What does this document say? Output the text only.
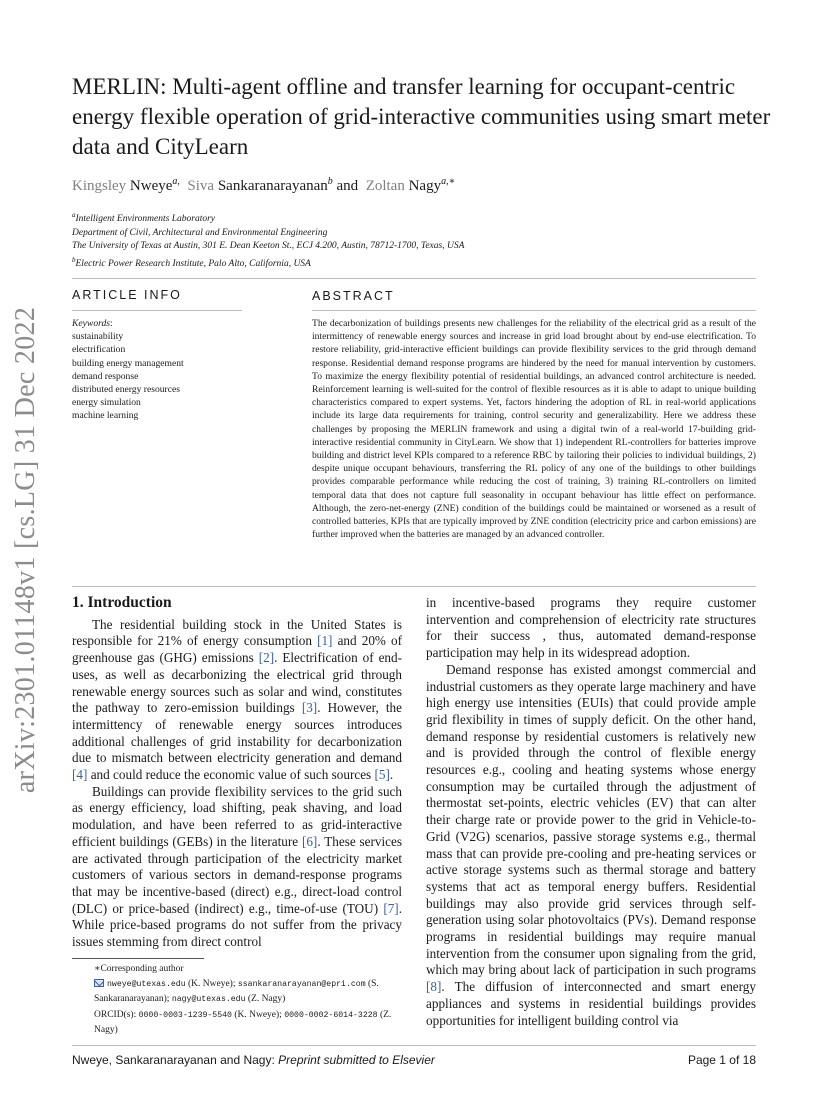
arXiv:2301.01148v1 [cs.LG] 31 Dec 2022
MERLIN: Multi-agent offline and transfer learning for occupant-centric energy flexible operation of grid-interactive communities using smart meter data and CityLearn
Kingsley Nweye$^{a,}$ Siva Sankaranarayanan$^b$ and Zoltan Nagy$^{a,∗}$
$^a$Intelligent Environments Laboratory
Department of Civil, Architectural and Environmental Engineering
The University of Texas at Austin, 301 E. Dean Keeton St., ECJ 4.200, Austin, 78712-1700, Texas, USA
$^b$Electric Power Research Institute, Palo Alto, California, USA
ARTICLE INFO	ABSTRACT
Keywords:
sustainability
electrification
building energy management
demand response
distributed energy resources
energy simulation
machine learning
The decarbonization of buildings presents new challenges for the reliability of the electrical grid as a result of the intermittency of renewable energy sources and increase in grid load brought about by end-use electrification. To restore reliability, grid-interactive efficient buildings can provide flexibility services to the grid through demand response. Residential demand response programs are hindered by the need for manual intervention by customers. To maximize the energy flexibility potential of residential buildings, an advanced control architecture is needed. Reinforcement learning is well-suited for the control of flexible resources as it is able to adapt to unique building characteristics compared to expert systems. Yet, factors hindering the adoption of RL in real-world applications include its large data requirements for training, control security and generalizability. Here we address these challenges by proposing the MERLIN framework and using a digital twin of a real-world 17-building grid-interactive residential community in CityLearn. We show that 1) independent RL-controllers for batteries improve building and district level KPIs compared to a reference RBC by tailoring their policies to individual buildings, 2) despite unique occupant behaviours, transferring the RL policy of any one of the buildings to other buildings provides comparable performance while reducing the cost of training, 3) training RL-controllers on limited temporal data that does not capture full seasonality in occupant behaviour has little effect on performance. Although, the zero-net-energy (ZNE) condition of the buildings could be maintained or worsened as a result of controlled batteries, KPIs that are typically improved by ZNE condition (electricity price and carbon emissions) are further improved when the batteries are managed by an advanced controller.
1. Introduction

The residential building stock in the United States is responsible for 21% of energy consumption [1] and 20% of greenhouse gas (GHG) emissions [2]. Electrification of end-uses, as well as decarbonizing the electrical grid through renewable energy sources such as solar and wind, constitutes the pathway to zero-emission buildings [3]. However, the intermittency of renewable energy sources introduces additional challenges of grid instability for decarbonization due to mismatch between electricity generation and demand [4] and could reduce the economic value of such sources [5].

Buildings can provide flexibility services to the grid such as energy efficiency, load shifting, peak shaving, and load modulation, and have been referred to as grid-interactive efficient buildings (GEBs) in the literature [6]. These services are activated through participation of the electricity market customers of various sectors in demand-response programs that may be incentive-based (direct) e.g., direct-load control (DLC) or price-based (indirect) e.g., time-of-use (TOU) [7]. While price-based programs do not suffer from the privacy issues stemming from direct control

∗Corresponding author
nweye@utexas.edu (K. Nweye); ssankaranarayanan@epri.com (S. Sankaranarayanan); nagy@utexas.edu (Z. Nagy)
ORCID(s): 0000-0003-1239-5540 (K. Nweye); 0000-0002-6014-3228 (Z. Nagy)

in incentive-based programs they require customer intervention and comprehension of electricity rate structures for their success , thus, automated demand-response participation may help in its widespread adoption.

Demand response has existed amongst commercial and industrial customers as they operate large machinery and have high energy use intensities (EUIs) that could provide ample grid flexibility in times of supply deficit. On the other hand, demand response by residential customers is relatively new and is provided through the control of flexible energy resources e.g., cooling and heating systems whose energy consumption may be curtailed through the adjustment of thermostat set-points, electric vehicles (EV) that can alter their charge rate or provide power to the grid in Vehicle-to-Grid (V2G) scenarios, passive storage systems e.g., thermal mass that can provide pre-cooling and pre-heating services or active storage systems such as thermal storage and battery systems that act as temporal energy buffers. Residential buildings may also provide grid services through self-generation using solar photovoltaics (PVs). Demand response programs in residential buildings may require manual intervention from the consumer upon signaling from the grid, which may bring about lack of participation in such programs [8]. The diffusion of interconnected and smart energy appliances and systems in residential buildings provides opportunities for intelligent building control via

Nweye, Sankaranarayanan and Nagy: Preprint submitted to Elsevier	Page 1 of 18
